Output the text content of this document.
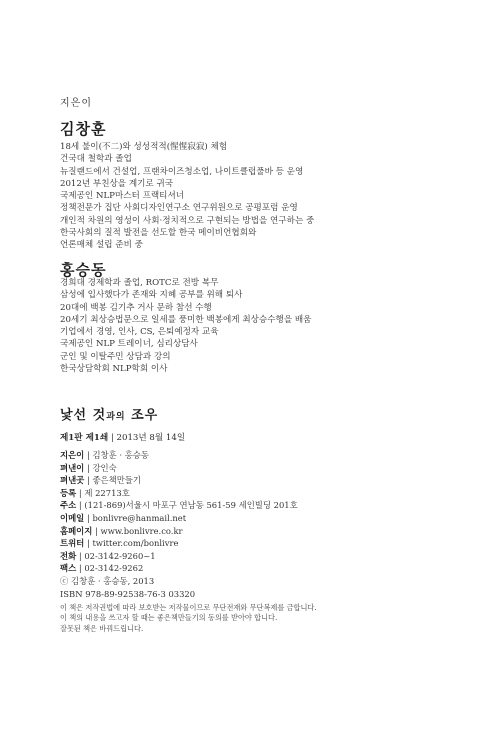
지은이
김창훈
18세 불이(不二)와 성성적적(惺惺寂寂) 체험
건국대 철학과 졸업
뉴질랜드에서 건설업, 프랜차이즈청소업, 나이트클럽풀바 등 운영
2012년 부친상을 계기로 귀국
국제공인 NLP마스터 프랙티셔너
정책전문가 집단 사회디자인연구소 연구위원으로 공평포럼 운영
개인적 차원의 영성이 사회·정치적으로 구현되는 방법을 연구하는 중
한국사회의 질적 발전을 선도할 한국 메이비언협회와
언론매체 설립 준비 중
홍승동
경희대 경제학과 졸업, ROTC로 전방 복무
삼성에 입사했다가 존재와 지혜 공부를 위해 퇴사
20대에 백봉 김기추 거사 문하 참선 수행
20세기 최상승법문으로 일세를 풍미한 백봉에게 최상승수행을 배움
기업에서 경영, 인사, CS, 은퇴예정자 교육
국제공인 NLP 트레이너, 심리상담사
군인 및 이탈주민 상담과 강의
한국상담학회 NLP학회 이사
낯선 것과의 조우
제1판 제1쇄 | 2013년 8월 14일
지은이 | 김창훈 · 홍승동
펴낸이 | 강인숙
펴낸곳 | 좋은책만들기
등록 | 제 22713호
주소 | (121-869)서울시 마포구 연남동 561-59 세인빌딩 201호
이메일 | bonlivre@hanmail.net
홈페이지 | www.bonlivre.co.kr
트위터 | twitter.com/bonlivre
전화 | 02-3142-9260~1
팩스 | 02-3142-9262
ⓒ 김창훈 · 홍승동, 2013
ISBN 978-89-92538-76-3 03320
이 책은 저작권법에 따라 보호받는 저작물이므로 무단전재와 무단복제를 금합니다.
이 책의 내용을 쓰고자 할 때는 좋은책만들기의 동의를 받아야 합니다.
잘못된 책은 바꿔드립니다.
